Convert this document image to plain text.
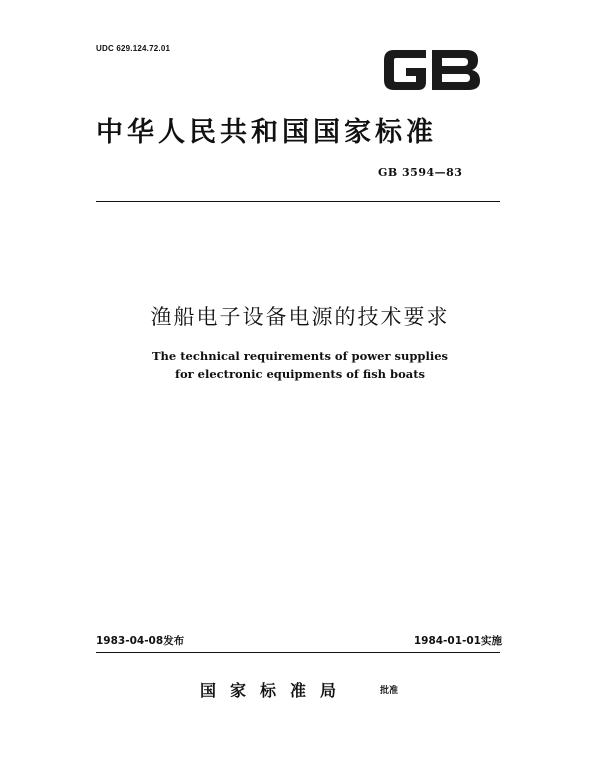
UDC 629.124.72.01
中华人民共和国国家标准
GB 3594—83
渔船电子设备电源的技术要求
The technical requirements of power supplies
for electronic equipments of fish boats
1983-04-08发布	1984-01-01实施
国家标准局	批准
